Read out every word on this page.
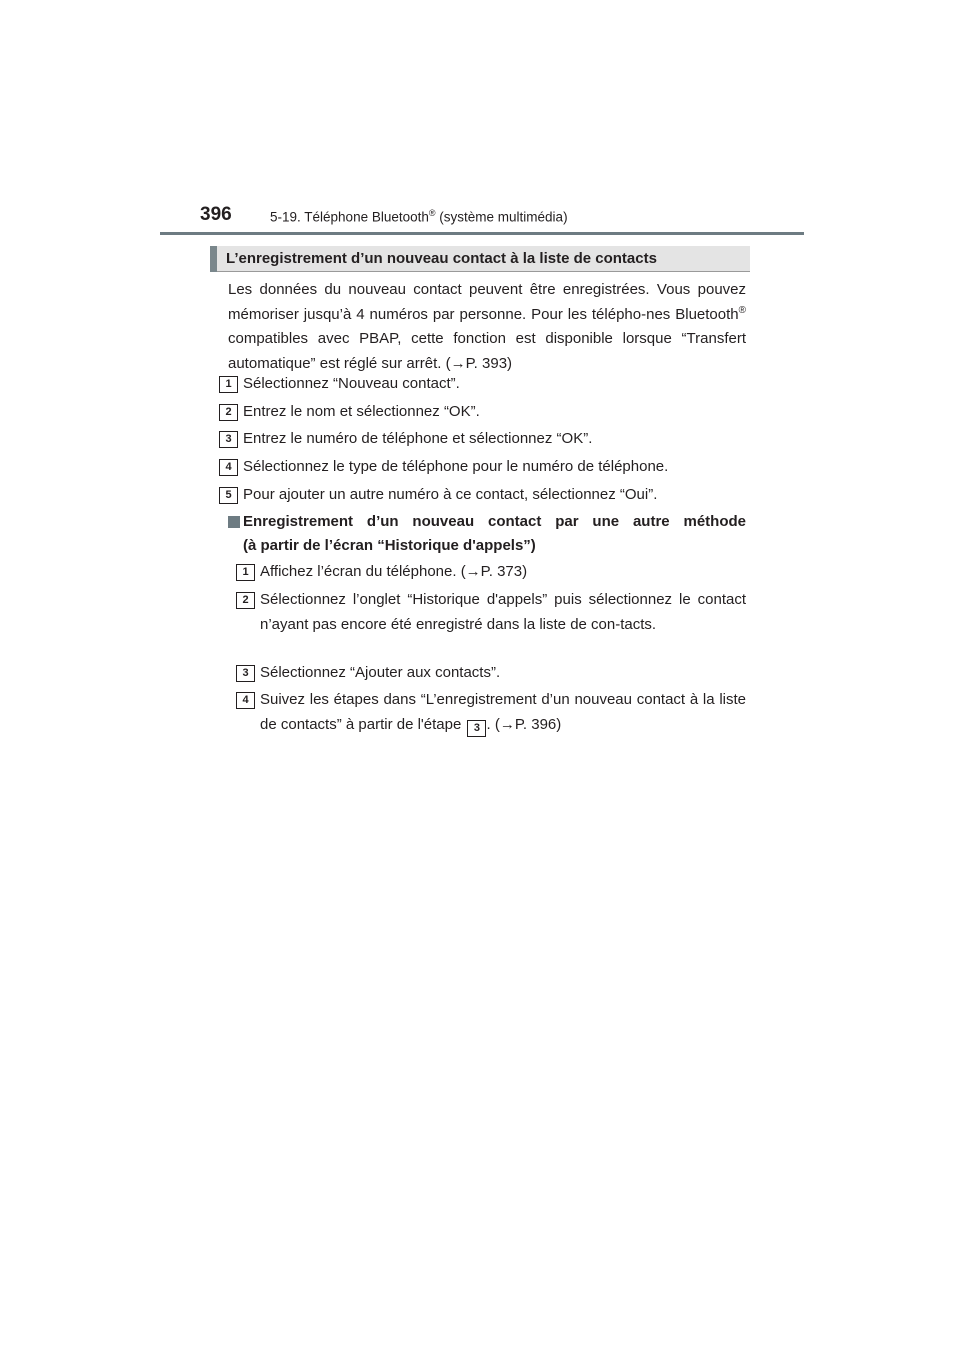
396	5-19. Téléphone Bluetooth® (système multimédia)
L’enregistrement d’un nouveau contact à la liste de contacts

Les données du nouveau contact peuvent être enregistrées. Vous pouvez mémoriser jusqu’à 4 numéros par personne. Pour les télépho-nes Bluetooth® compatibles avec PBAP, cette fonction est disponible lorsque “Transfert automatique” est réglé sur arrêt. (→P. 393)

1 Sélectionnez “Nouveau contact”.
2 Entrez le nom et sélectionnez “OK”.
3 Entrez le numéro de téléphone et sélectionnez “OK”.
4 Sélectionnez le type de téléphone pour le numéro de téléphone.
5 Pour ajouter un autre numéro à ce contact, sélectionnez “Oui”.
Enregistrement d’un nouveau contact par une autre méthode
(à partir de l’écran “Historique d'appels”)
1 Affichez l’écran du téléphone. (→P. 373)
2 Sélectionnez l’onglet “Historique d'appels” puis sélectionnez le contact n’ayant pas encore été enregistré dans la liste de con-tacts.
3 Sélectionnez “Ajouter aux contacts”.
4 Suivez les étapes dans “L’enregistrement d’un nouveau contact à la liste de contacts” à partir de l'étape 3 . (→P. 396)
